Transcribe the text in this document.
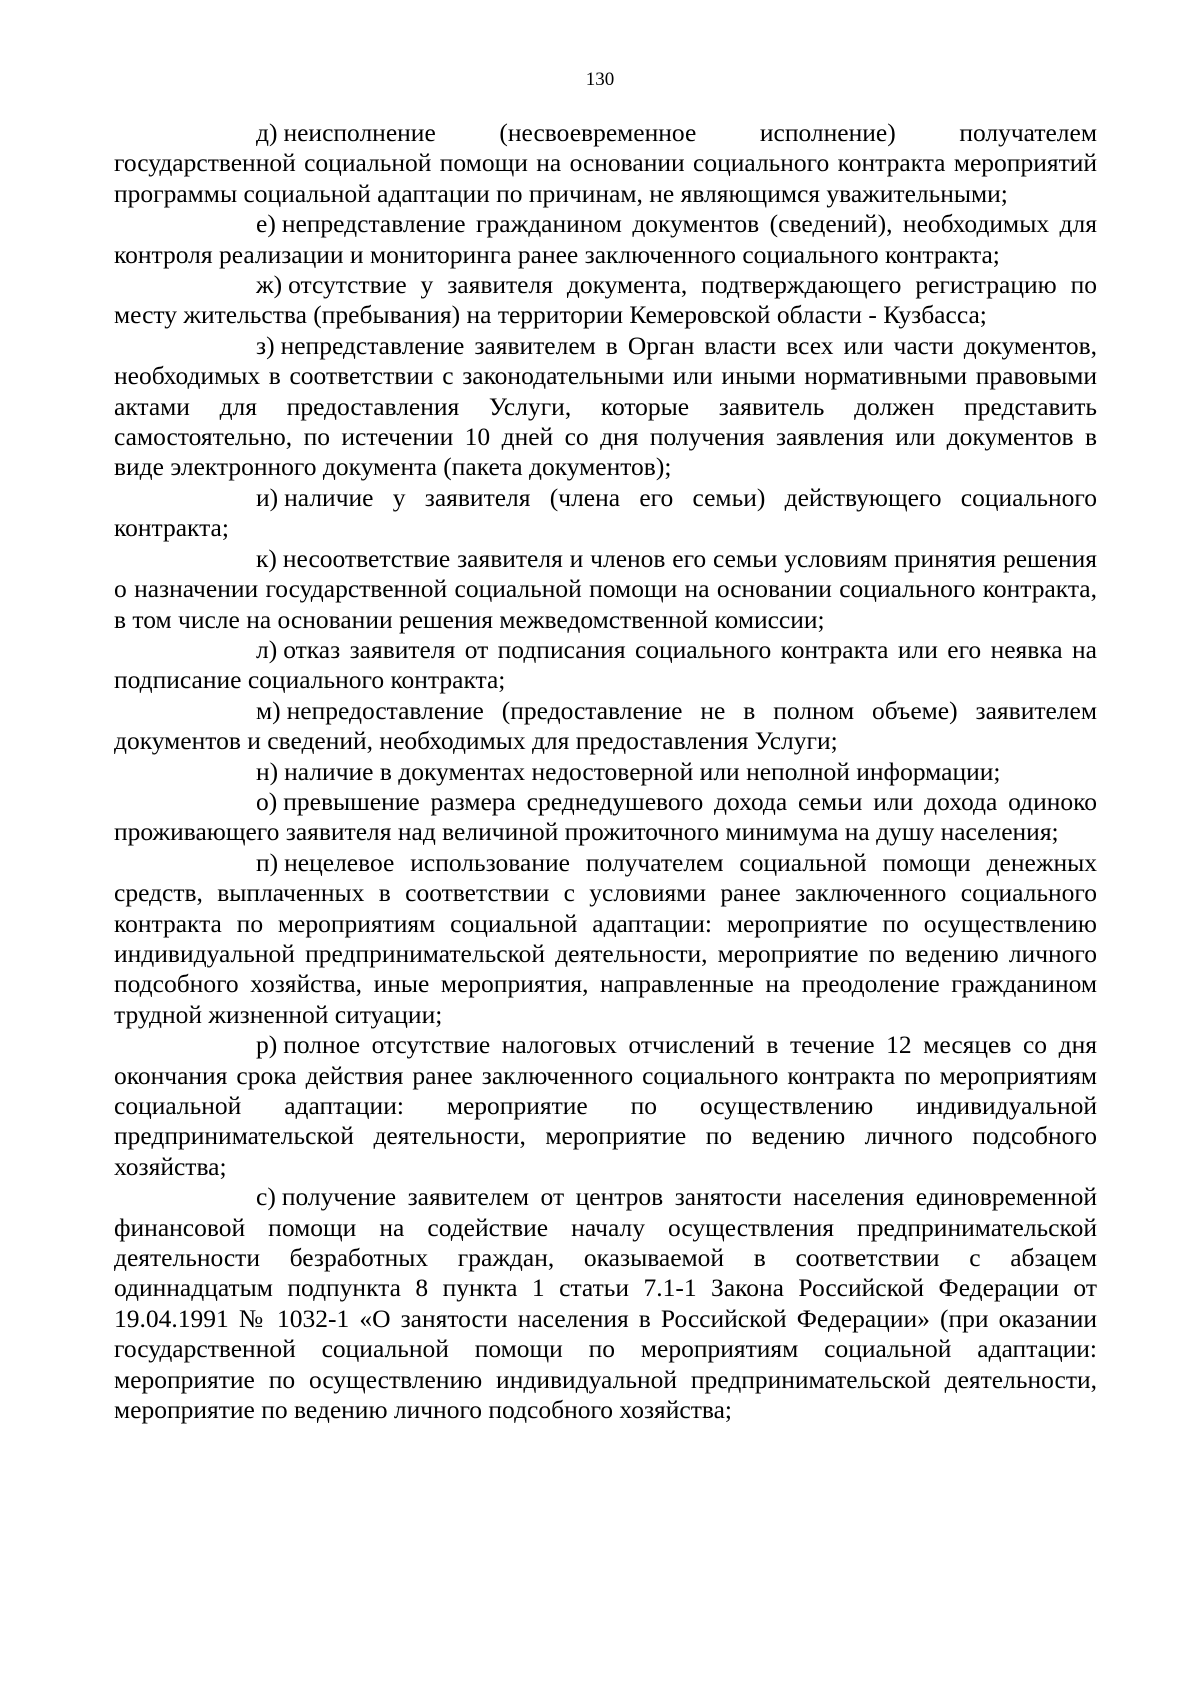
130

д) неисполнение (несвоевременное исполнение) получателем государственной социальной помощи на основании социального контракта мероприятий программы социальной адаптации по причинам, не являющимся уважительными;

е) непредставление гражданином документов (сведений), необходимых для контроля реализации и мониторинга ранее заключенного социального контракта;

ж) отсутствие у заявителя документа, подтверждающего регистрацию по месту жительства (пребывания) на территории Кемеровской области - Кузбасса;

з) непредставление заявителем в Орган власти всех или части документов, необходимых в соответствии с законодательными или иными нормативными правовыми актами для предоставления Услуги, которые заявитель должен представить самостоятельно, по истечении 10 дней со дня получения заявления или документов в виде электронного документа (пакета документов);

и) наличие у заявителя (члена его семьи) действующего социального контракта;

к) несоответствие заявителя и членов его семьи условиям принятия решения о назначении государственной социальной помощи на основании социального контракта, в том числе на основании решения межведомственной комиссии;

л) отказ заявителя от подписания социального контракта или его неявка на подписание социального контракта;

м) непредоставление (предоставление не в полном объеме) заявителем документов и сведений, необходимых для предоставления Услуги;

н) наличие в документах недостоверной или неполной информации;

о) превышение размера среднедушевого дохода семьи или дохода одиноко проживающего заявителя над величиной прожиточного минимума на душу населения;

п) нецелевое использование получателем социальной помощи денежных средств, выплаченных в соответствии с условиями ранее заключенного социального контракта по мероприятиям социальной адаптации: мероприятие по осуществлению индивидуальной предпринимательской деятельности, мероприятие по ведению личного подсобного хозяйства, иные мероприятия, направленные на преодоление гражданином трудной жизненной ситуации;

р) полное отсутствие налоговых отчислений в течение 12 месяцев со дня окончания срока действия ранее заключенного социального контракта по мероприятиям социальной адаптации: мероприятие по осуществлению индивидуальной предпринимательской деятельности, мероприятие по ведению личного подсобного хозяйства;

с) получение заявителем от центров занятости населения единовременной финансовой помощи на содействие началу осуществления предпринимательской деятельности безработных граждан, оказываемой в соответствии с абзацем одиннадцатым подпункта 8 пункта 1 статьи 7.1-1 Закона Российской Федерации от 19.04.1991 № 1032-1 «О занятости населения в Российской Федерации» (при оказании государственной социальной помощи по мероприятиям социальной адаптации: мероприятие по осуществлению индивидуальной предпринимательской деятельности, мероприятие по ведению личного подсобного хозяйства;
